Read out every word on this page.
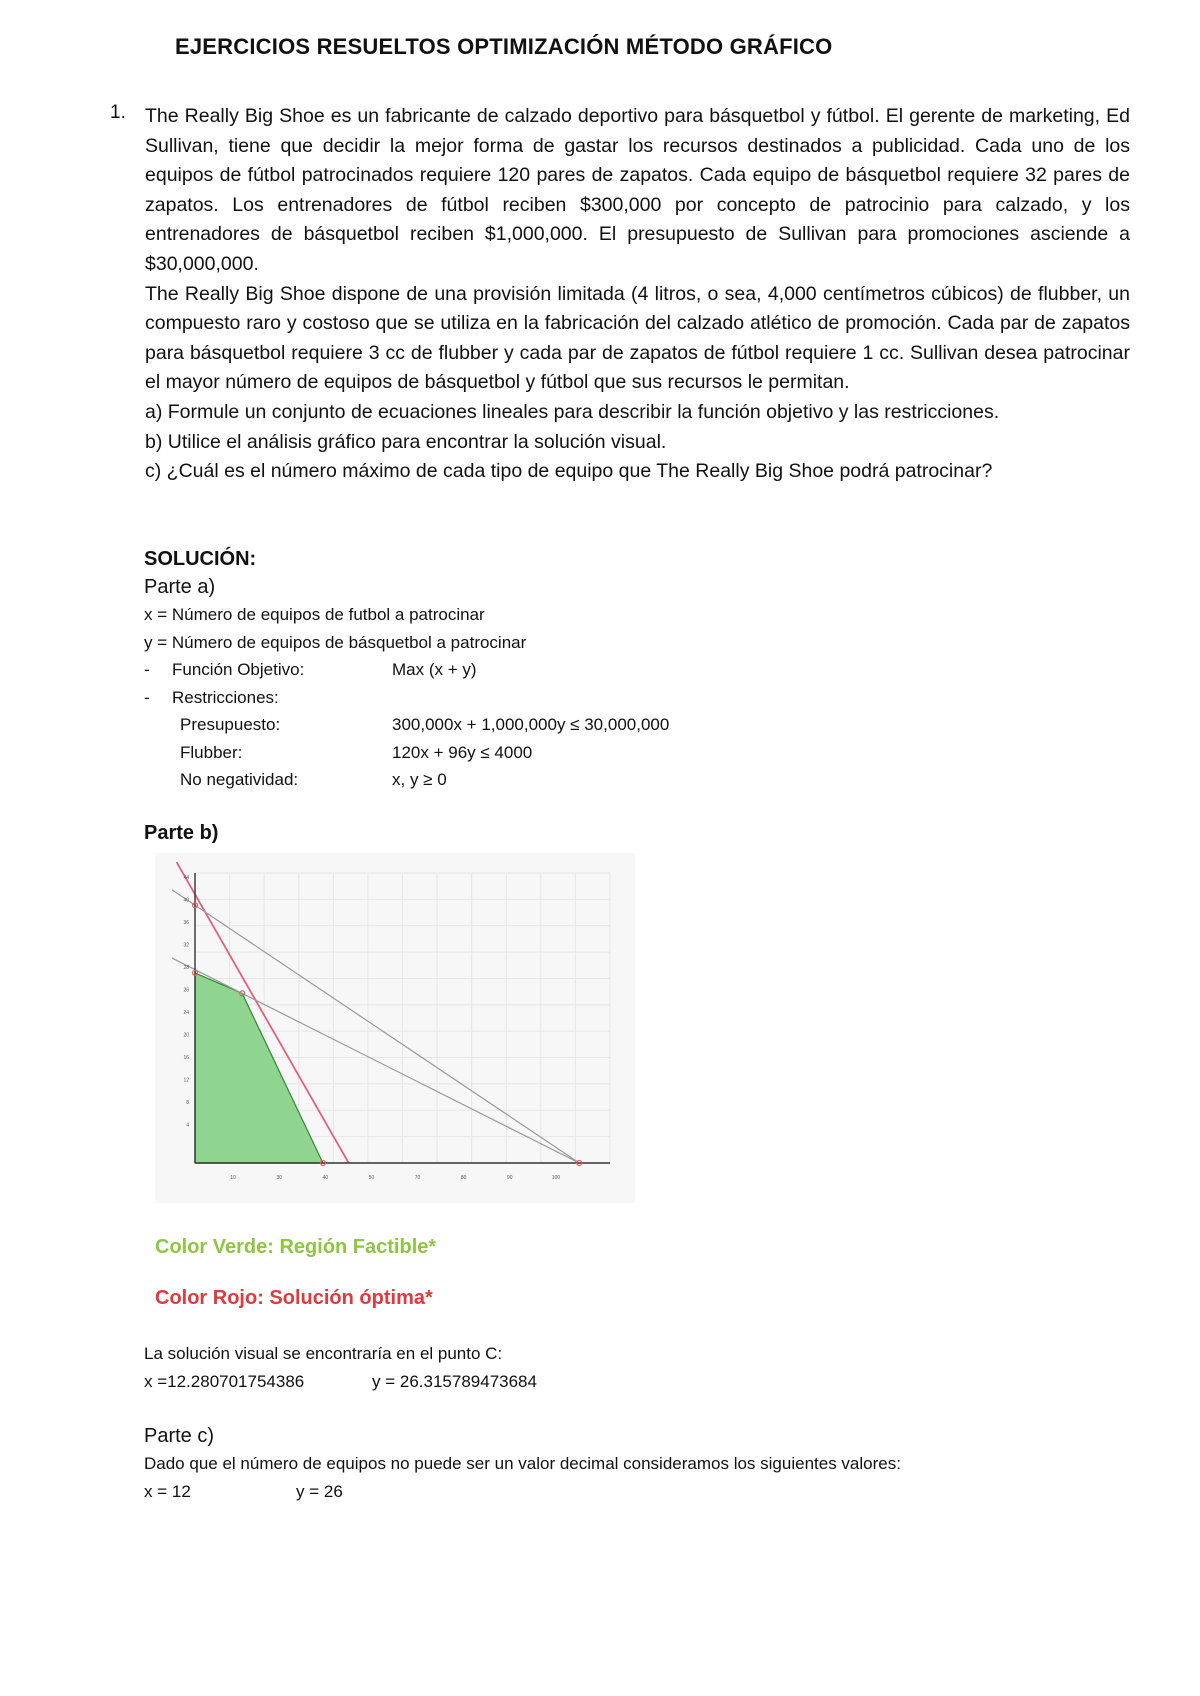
EJERCICIOS RESUELTOS OPTIMIZACIÓN MÉTODO GRÁFICO
1. The Really Big Shoe es un fabricante de calzado deportivo para básquetbol y fútbol. El gerente de marketing, Ed Sullivan, tiene que decidir la mejor forma de gastar los recursos destinados a publicidad. Cada uno de los equipos de fútbol patrocinados requiere 120 pares de zapatos. Cada equipo de básquetbol requiere 32 pares de zapatos. Los entrenadores de fútbol reciben $300,000 por concepto de patrocinio para calzado, y los entrenadores de básquetbol reciben $1,000,000. El presupuesto de Sullivan para promociones asciende a $30,000,000.

The Really Big Shoe dispone de una provisión limitada (4 litros, o sea, 4,000 centímetros cúbicos) de flubber, un compuesto raro y costoso que se utiliza en la fabricación del calzado atlético de promoción. Cada par de zapatos para básquetbol requiere 3 cc de flubber y cada par de zapatos de fútbol requiere 1 cc. Sullivan desea patrocinar el mayor número de equipos de básquetbol y fútbol que sus recursos le permitan.

a) Formule un conjunto de ecuaciones lineales para describir la función objetivo y las restricciones.

b) Utilice el análisis gráfico para encontrar la solución visual.

c) ¿Cuál es el número máximo de cada tipo de equipo que The Really Big Shoe podrá patrocinar?

SOLUCIÓN:
Parte a)
x = Número de equipos de futbol a patrocinar
y = Número de equipos de básquetbol a patrocinar
-	Función Objetivo:	Max (x + y)
-	Restricciones:
Presupuesto:	300,000x + 1,000,000y ≤ 30,000,000
Flubber:	120x + 96y ≤ 4000
No negatividad:	x, y ≥ 0
Parte b)
10	30	40	50	70	80	90	100
44
40
36
32
28
26
24
20
16
12
8
4
Color Verde: Región Factible*
Color Rojo: Solución óptima*
La solución visual se encontraría en el punto C:
x =12.280701754386	y = 26.315789473684
Parte c)
Dado que el número de equipos no puede ser un valor decimal consideramos los siguientes valores:
x = 12	y = 26
